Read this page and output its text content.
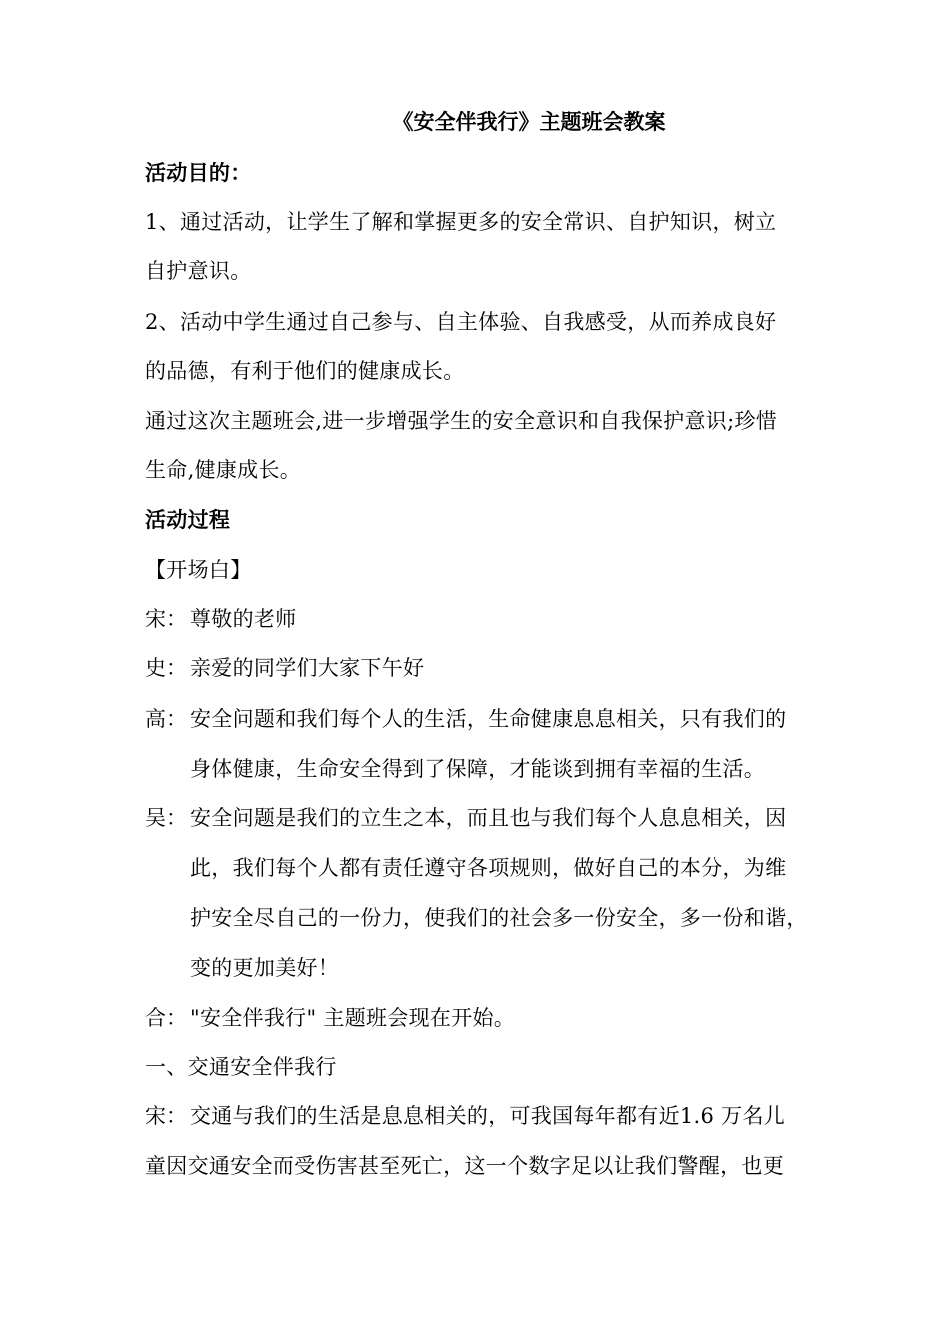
《安全伴我行》主题班会教案
活动目的：
1、通过活动，让学生了解和掌握更多的安全常识、自护知识，树立
自护意识。
2、活动中学生通过自己参与、自主体验、自我感受，从而养成良好
的品德，有利于他们的健康成长。
通过这次主题班会,进一步增强学生的安全意识和自我保护意识;珍惜
生命,健康成长。
活动过程
【开场白】
宋： 尊敬的老师
史： 亲爱的同学们大家下午好
高： 安全问题和我们每个人的生活，生命健康息息相关，只有我们的
身体健康，生命安全得到了保障，才能谈到拥有幸福的生活。
吴： 安全问题是我们的立生之本，而且也与我们每个人息息相关，因
此，我们每个人都有责任遵守各项规则，做好自己的本分，为维
护安全尽自己的一份力，使我们的社会多一份安全，多一份和谐，
变的更加美好！
合： "安全伴我行" 主题班会现在开始。
一、交通安全伴我行
宋： 交通与我们的生活是息息相关的，可我国每年都有近1.6 万名儿
童因交通安全而受伤害甚至死亡，这一个数字足以让我们警醒，也更
